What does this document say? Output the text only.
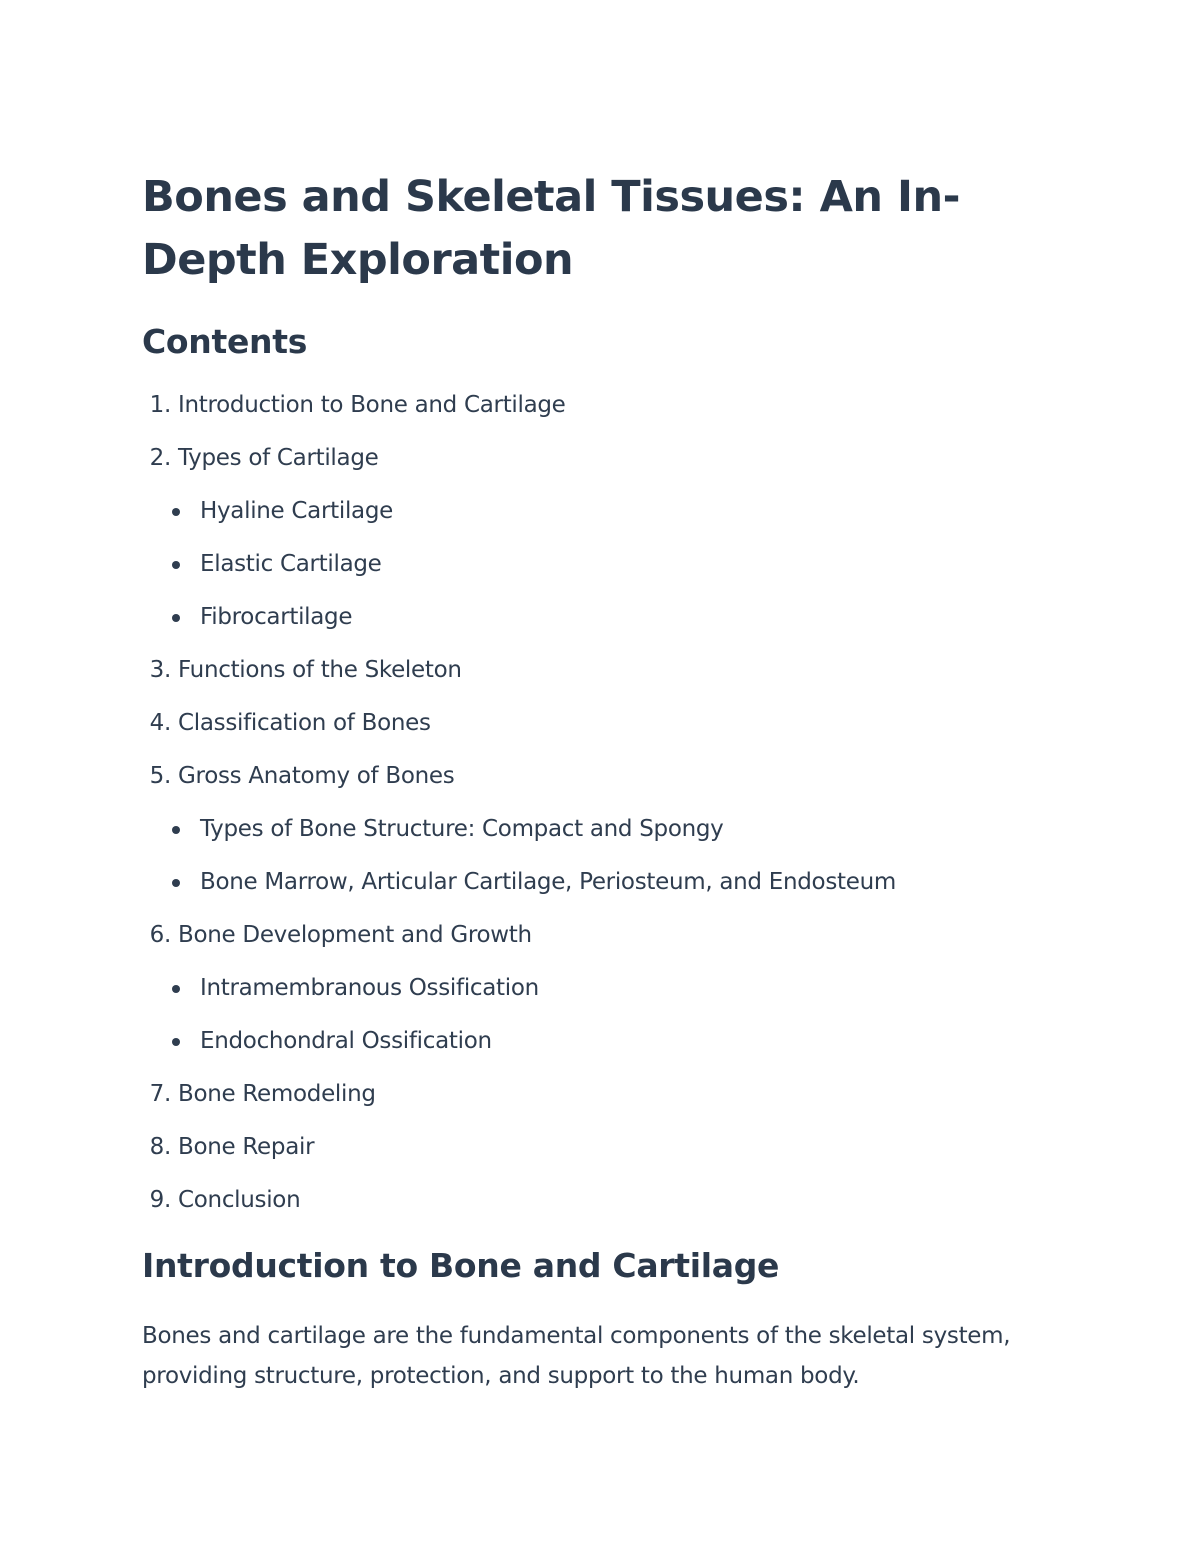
Bones and Skeletal Tissues: An In-Depth Exploration
Contents
1.
Introduction to Bone and Cartilage
2.
Types of Cartilage
Hyaline Cartilage
Elastic Cartilage
Fibrocartilage
3.
Functions of the Skeleton
4.
Classification of Bones
5.
Gross Anatomy of Bones
Types of Bone Structure: Compact and Spongy
Bone Marrow, Articular Cartilage, Periosteum, and Endosteum
6.
Bone Development and Growth
Intramembranous Ossification
Endochondral Ossification
7.
Bone Remodeling
8.
Bone Repair
9.
Conclusion
Introduction to Bone and Cartilage

Bones and cartilage are the fundamental components of the skeletal system, providing structure, protection, and support to the human body.
